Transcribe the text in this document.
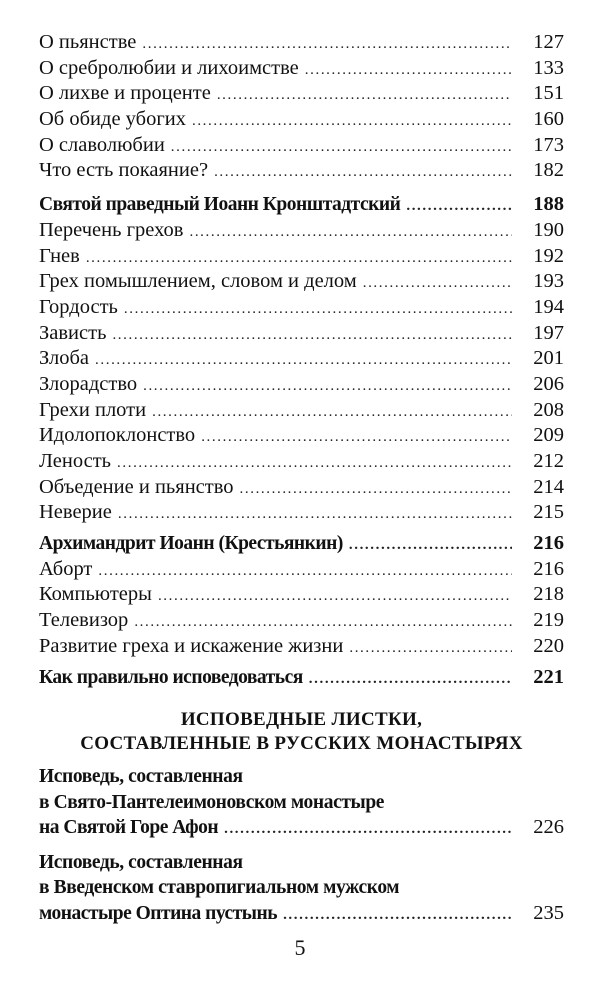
О пьянстве .....	127
О сребролюбии и лихоимстве .....	133
О лихве и проценте .....	151
Об обиде убогих .....	160
О славолюбии .....	173
Что есть покаяние? .....	182
Святой праведный Иоанн Кронштадтский .....	188
Перечень грехов .....	190
Гнев .....	192
Грех помышлением, словом и делом .....	193
Гордость .....	194
Зависть .....	197
Злоба .....	201
Злорадство .....	206
Грехи плоти .....	208
Идолопоклонство .....	209
Леность .....	212
Объедение и пьянство .....	214
Неверие .....	215
Архимандрит Иоанн (Крестьянкин) .....	216
Аборт .....	216
Компьютеры .....	218
Телевизор .....	219
Развитие греха и искажение жизни .....	220
Как правильно исповедоваться .....	221
ИСПОВЕДНЫЕ ЛИСТКИ,
СОСТАВЛЕННЫЕ В РУССКИХ МОНАСТЫРЯХ
Исповедь, составленная
в Свято-Пантелеимоновском монастыре
на Святой Горе Афон .....	226
Исповедь, составленная
в Введенском ставропигиальном мужском
монастыре Оптина пустынь .....	235
5
